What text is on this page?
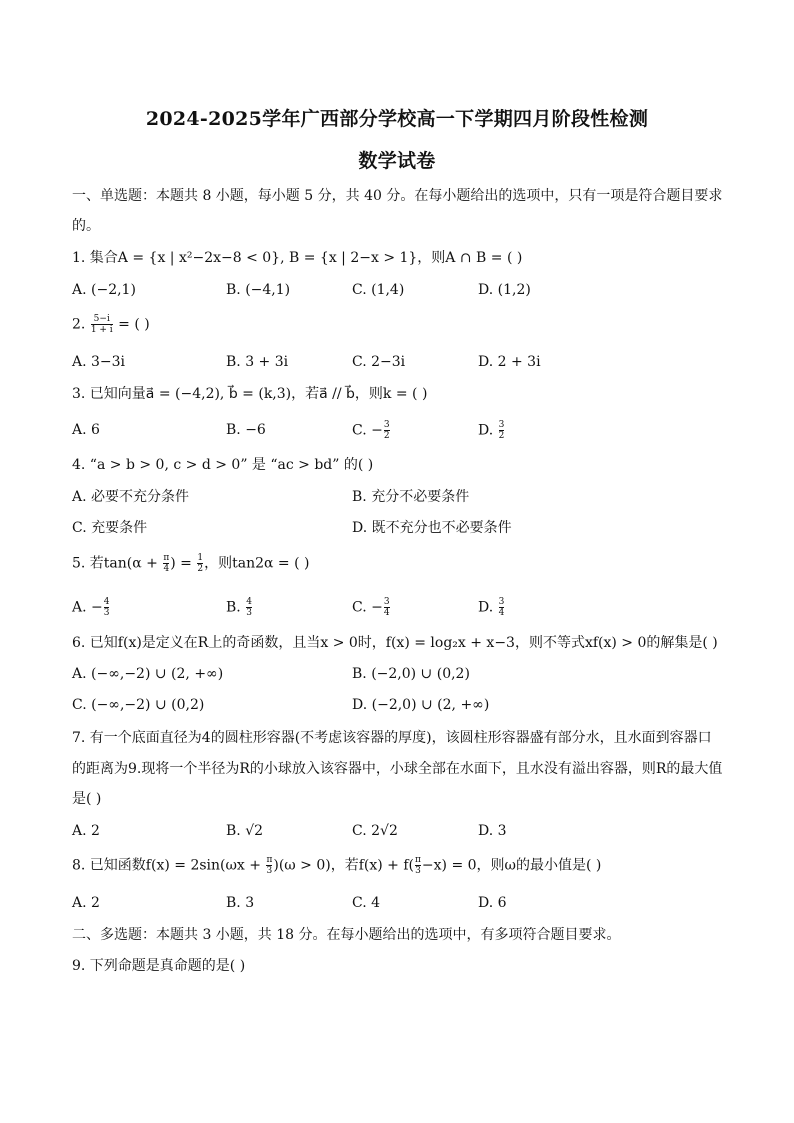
2024-2025学年广西部分学校高一下学期四月阶段性检测
数学试卷
一、单选题：本题共 8 小题，每小题 5 分，共 40 分。在每小题给出的选项中，只有一项是符合题目要求
的。
1. 集合A = {x | x²−2x−8 < 0}, B = {x | 2−x > 1}，则A ∩ B = ( )
A. (−2,1)	B. (−4,1)	C. (1,4)	D. (1,2)
2. $\frac{5-i}{1 + i}$ = ( )
A. 3−3i	B. 3 + 3i	C. 2−3i	D. 2 + 3i
3. 已知向量a⃗ = (−4,2), b⃗ = (k,3)，若a⃗ // b⃗，则k = ( )
A. 6	B. −6	C. − $\frac{3}{2}$	D. $\frac{3}{2}$
4. “a > b > 0, c > d > 0” 是 “ac > bd” 的( )
A. 必要不充分条件	B. 充分不必要条件
C. 充要条件	D. 既不充分也不必要条件
5. 若$\tan(\alpha + \frac{\pi}{4}$ ) = $\frac{1}{2}$ ，则tan2α = ( )
A. − $\frac{4}{3}$	B. $\frac{4}{3}$	C. − $\frac{3}{4}$	D. $\frac{3}{4}$
6. 已知f(x)是定义在R上的奇函数，且当x > 0时，f(x) = log₂x + x−3，则不等式xf(x) > 0的解集是( )
A. (−∞,−2) ∪ (2, +∞)	B. (−2,0) ∪ (0,2)
C. (−∞,−2) ∪ (0,2)	D. (−2,0) ∪ (2, +∞)
7. 有一个底面直径为4的圆柱形容器(不考虑该容器的厚度)，该圆柱形容器盛有部分水，且水面到容器口
的距离为9.现将一个半径为R的小球放入该容器中，小球全部在水面下，且水没有溢出容器，则R的最大值
是( )
A. 2	B. √2	C. 2√2	D. 3
8. 已知函数$f(x) = 2\sin(\omega x + \frac{\pi}{3} )(\omega > 0)$，若$f(x) + f( \frac{\pi}{3} -x) = 0$，则ω的最小值是( )
A. 2	B. 3	C. 4	D. 6
二、多选题：本题共 3 小题，共 18 分。在每小题给出的选项中，有多项符合题目要求。
9. 下列命题是真命题的是( )
